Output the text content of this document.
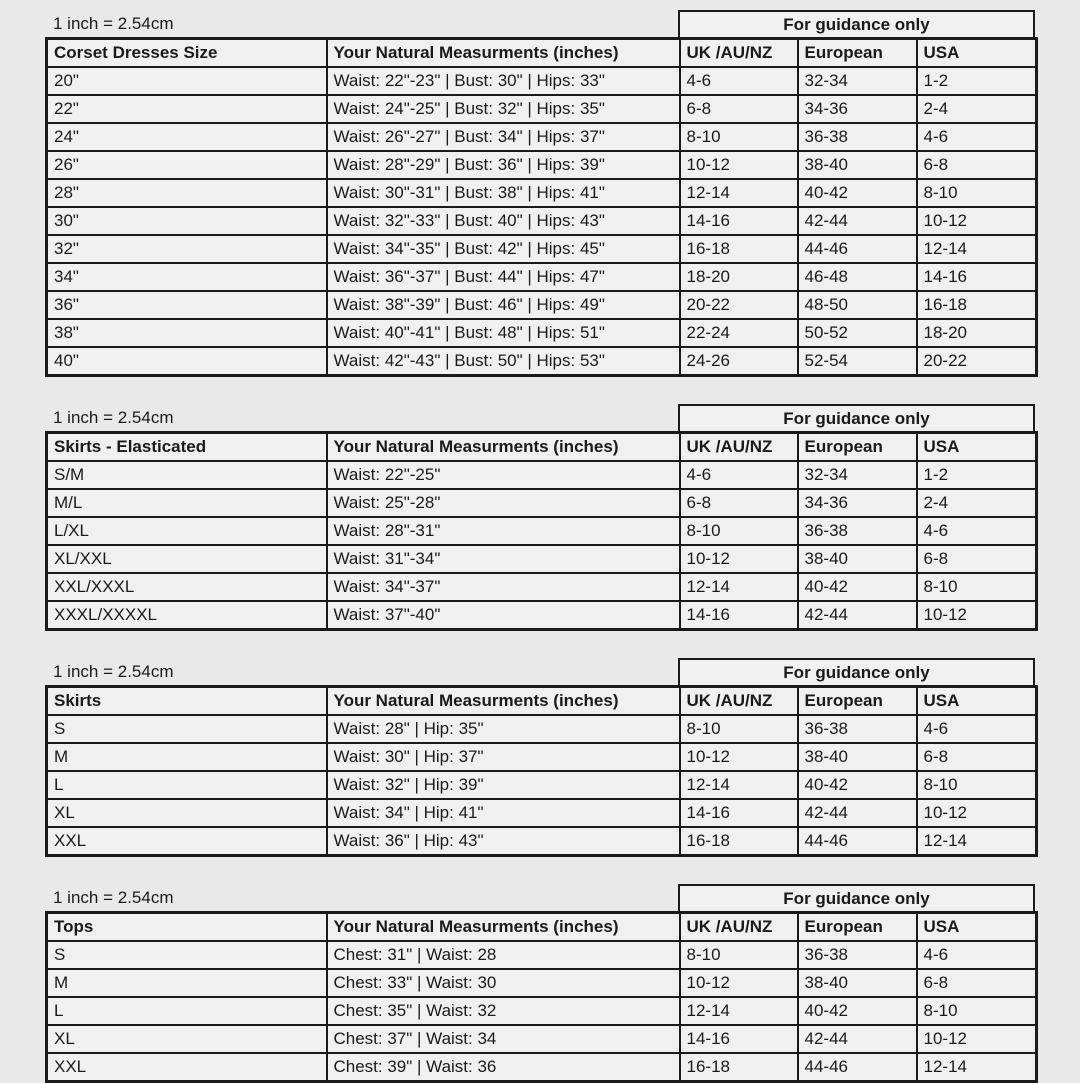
1 inch = 2.54cm	For guidance only
Corset Dresses Size	Your Natural Measurments (inches)	UK /AU/NZ	European	USA
20"	Waist: 22"-23" | Bust: 30" | Hips: 33"	4-6	32-34	1-2
22"	Waist: 24"-25" | Bust: 32" | Hips: 35"	6-8	34-36	2-4
24"	Waist: 26"-27" | Bust: 34" | Hips: 37"	8-10	36-38	4-6
26"	Waist: 28"-29" | Bust: 36" | Hips: 39"	10-12	38-40	6-8
28"	Waist: 30"-31" | Bust: 38" | Hips: 41"	12-14	40-42	8-10
30"	Waist: 32"-33" | Bust: 40" | Hips: 43"	14-16	42-44	10-12
32"	Waist: 34"-35" | Bust: 42" | Hips: 45"	16-18	44-46	12-14
34"	Waist: 36"-37" | Bust: 44" | Hips: 47"	18-20	46-48	14-16
36"	Waist: 38"-39" | Bust: 46" | Hips: 49"	20-22	48-50	16-18
38"	Waist: 40"-41" | Bust: 48" | Hips: 51"	22-24	50-52	18-20
40"	Waist: 42"-43" | Bust: 50" | Hips: 53"	24-26	52-54	20-22
1 inch = 2.54cm	For guidance only
Skirts - Elasticated	Your Natural Measurments (inches)	UK /AU/NZ	European	USA
S/M	Waist: 22"-25"	4-6	32-34	1-2
M/L	Waist: 25"-28"	6-8	34-36	2-4
L/XL	Waist: 28"-31"	8-10	36-38	4-6
XL/XXL	Waist: 31"-34"	10-12	38-40	6-8
XXL/XXXL	Waist: 34"-37"	12-14	40-42	8-10
XXXL/XXXXL	Waist: 37"-40"	14-16	42-44	10-12
1 inch = 2.54cm	For guidance only
Skirts	Your Natural Measurments (inches)	UK /AU/NZ	European	USA
S	Waist: 28" | Hip: 35"	8-10	36-38	4-6
M	Waist: 30" | Hip: 37"	10-12	38-40	6-8
L	Waist: 32" | Hip: 39"	12-14	40-42	8-10
XL	Waist: 34" | Hip: 41"	14-16	42-44	10-12
XXL	Waist: 36" | Hip: 43"	16-18	44-46	12-14
1 inch = 2.54cm	For guidance only
Tops	Your Natural Measurments (inches)	UK /AU/NZ	European	USA
S	Chest: 31" | Waist: 28	8-10	36-38	4-6
M	Chest: 33" | Waist: 30	10-12	38-40	6-8
L	Chest: 35" | Waist: 32	12-14	40-42	8-10
XL	Chest: 37" | Waist: 34	14-16	42-44	10-12
XXL	Chest: 39" | Waist: 36	16-18	44-46	12-14
